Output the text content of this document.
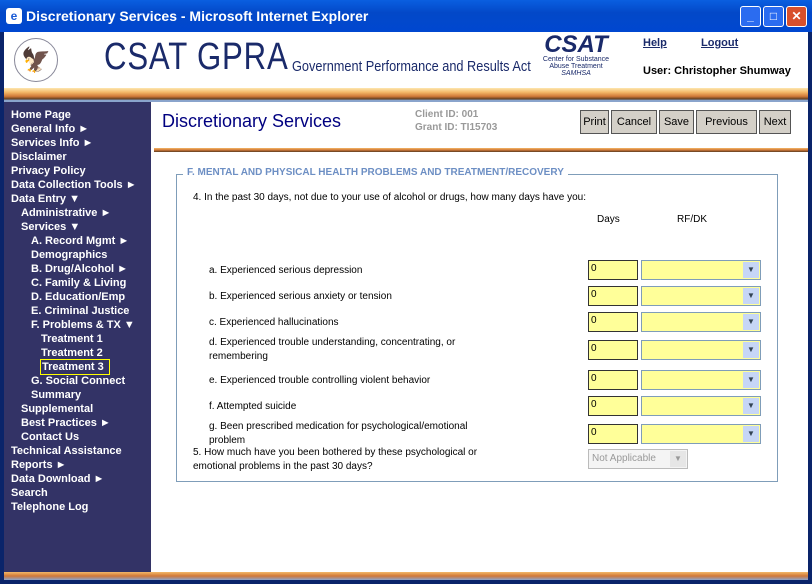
e Discretionary Services - Microsoft Internet Explorer	_	□	✕
🦅 CSAT GPRA Government Performance and Results Act
CSAT
Center for Substance
Abuse Treatment
SAMHSA
Help	Logout
User: Christopher Shumway
Home Page
General Info ►
Services Info ►
Disclaimer
Privacy Policy
Data Collection Tools ►
Data Entry ▼
Administrative ►
Services ▼
A. Record Mgmt ►
Demographics
B. Drug/Alcohol ►
C. Family & Living
D. Education/Emp
E. Criminal Justice
F. Problems & TX ▼
Treatment 1
Treatment 2
Treatment 3
G. Social Connect
Summary
Supplemental
Best Practices ►
Contact Us
Technical Assistance
Reports ►
Data Download ►
Search
Telephone Log
Discretionary Services	Client ID: 001
Grant ID: TI15703	Print	Cancel	Save	Previous	Next
F. MENTAL AND PHYSICAL HEALTH PROBLEMS AND TREATMENT/RECOVERY
4. In the past 30 days, not due to your use of alcohol or drugs, how many days have you:
Days	RF/DK
a. Experienced serious depression	0	▼
b. Experienced serious anxiety or tension	0	▼
c. Experienced hallucinations	0	▼
d. Experienced trouble understanding, concentrating, or remembering
0	▼
e. Experienced trouble controlling violent behavior	0	▼
f. Attempted suicide	0	▼
g. Been prescribed medication for psychological/emotional problem
0	▼
5. How much have you been bothered by these psychological or emotional problems in the past 30 days?
Not Applicable	▼
